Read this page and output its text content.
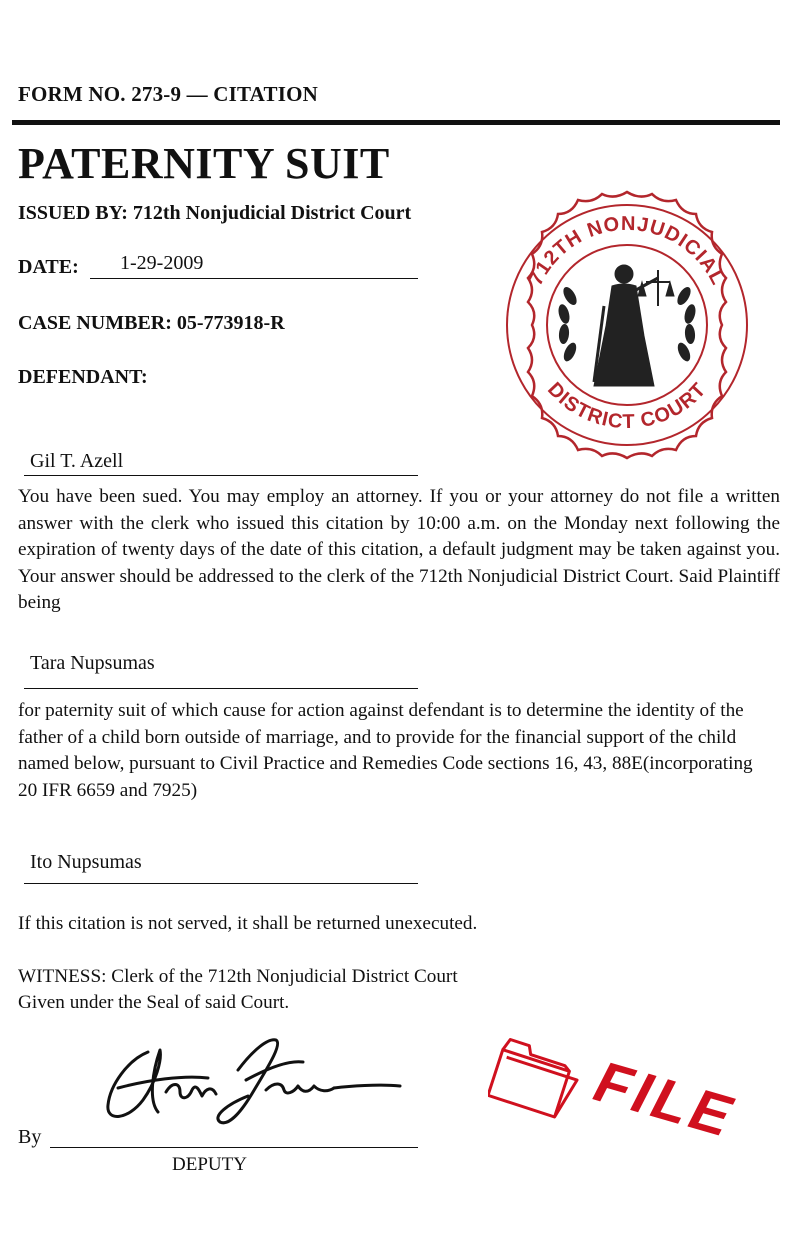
FORM NO. 273-9 — CITATION
PATERNITY SUIT
ISSUED BY: 712th Nonjudicial District Court
DATE: 1-29-2009
CASE NUMBER: 05-773918-R
DEFENDANT:
Gil T. Azell
You have been sued. You may employ an attorney. If you or your attorney do not file a written answer with the clerk who issued this citation by 10:00 a.m. on the Monday next following the expiration of twenty days of the date of this citation, a default judgment may be taken against you. Your answer should be addressed to the clerk of the 712th Nonjudicial District Court. Said Plaintiff being
Tara Nupsumas
for paternity suit of which cause for action against defendant is to determine the identity of the father of a child born outside of marriage, and to provide for the financial support of the child named below, pursuant to Civil Practice and Remedies Code sections 16, 43, 88E(incorporating 20 IFR 6659 and 7925)
Ito Nupsumas
If this citation is not served, it shall be returned unexecuted.
WITNESS: Clerk of the 712th Nonjudicial District Court
Given under the Seal of said Court.
By
DEPUTY
712TH NONJUDICIAL
DISTRICT COURT
FILE
